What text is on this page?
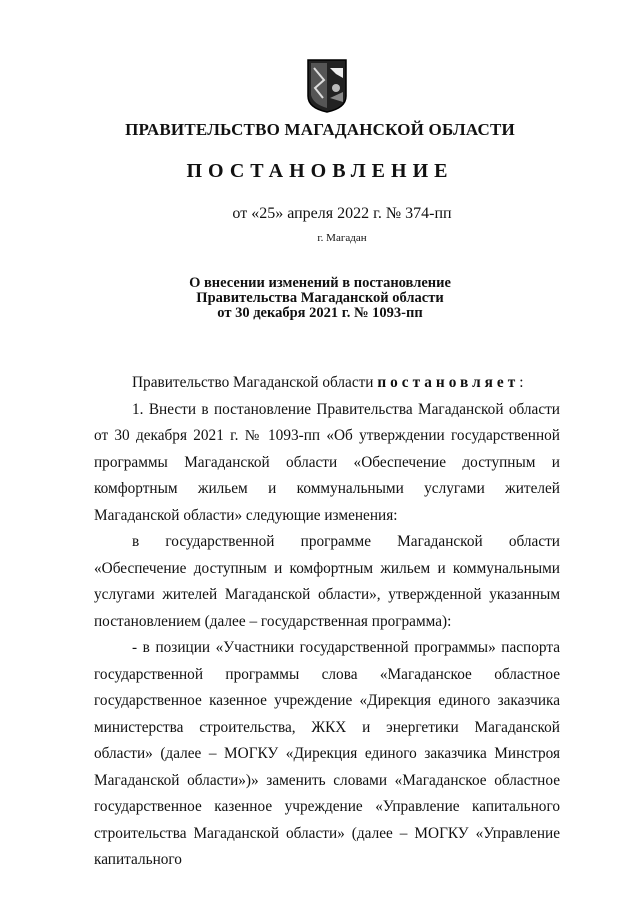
ПРАВИТЕЛЬСТВО МАГАДАНСКОЙ ОБЛАСТИ
ПОСТАНОВЛЕНИЕ
от «25» апреля 2022 г. № 374-пп
г. Магадан
О внесении изменений в постановление
Правительства Магаданской области
от 30 декабря 2021 г. № 1093-пп

Правительство Магаданской области постановляет:

1. Внести в постановление Правительства Магаданской области от 30 декабря 2021 г. № 1093-пп «Об утверждении государственной программы Магаданской области «Обеспечение доступным и комфортным жильем и коммунальными услугами жителей Магаданской области» следующие изменения:

в государственной программе Магаданской области «Обеспечение доступным и комфортным жильем и коммунальными услугами жителей Магаданской области», утвержденной указанным постановлением (далее – государственная программа):

- в позиции «Участники государственной программы» паспорта государственной программы слова «Магаданское областное государственное казенное учреждение «Дирекция единого заказчика министерства строительства, ЖКХ и энергетики Магаданской области» (далее – МОГКУ «Дирекция единого заказчика Минстроя Магаданской области»)» заменить словами «Магаданское областное государственное казенное учреждение «Управление капитального строительства Магаданской области» (далее – МОГКУ «Управление капитального
